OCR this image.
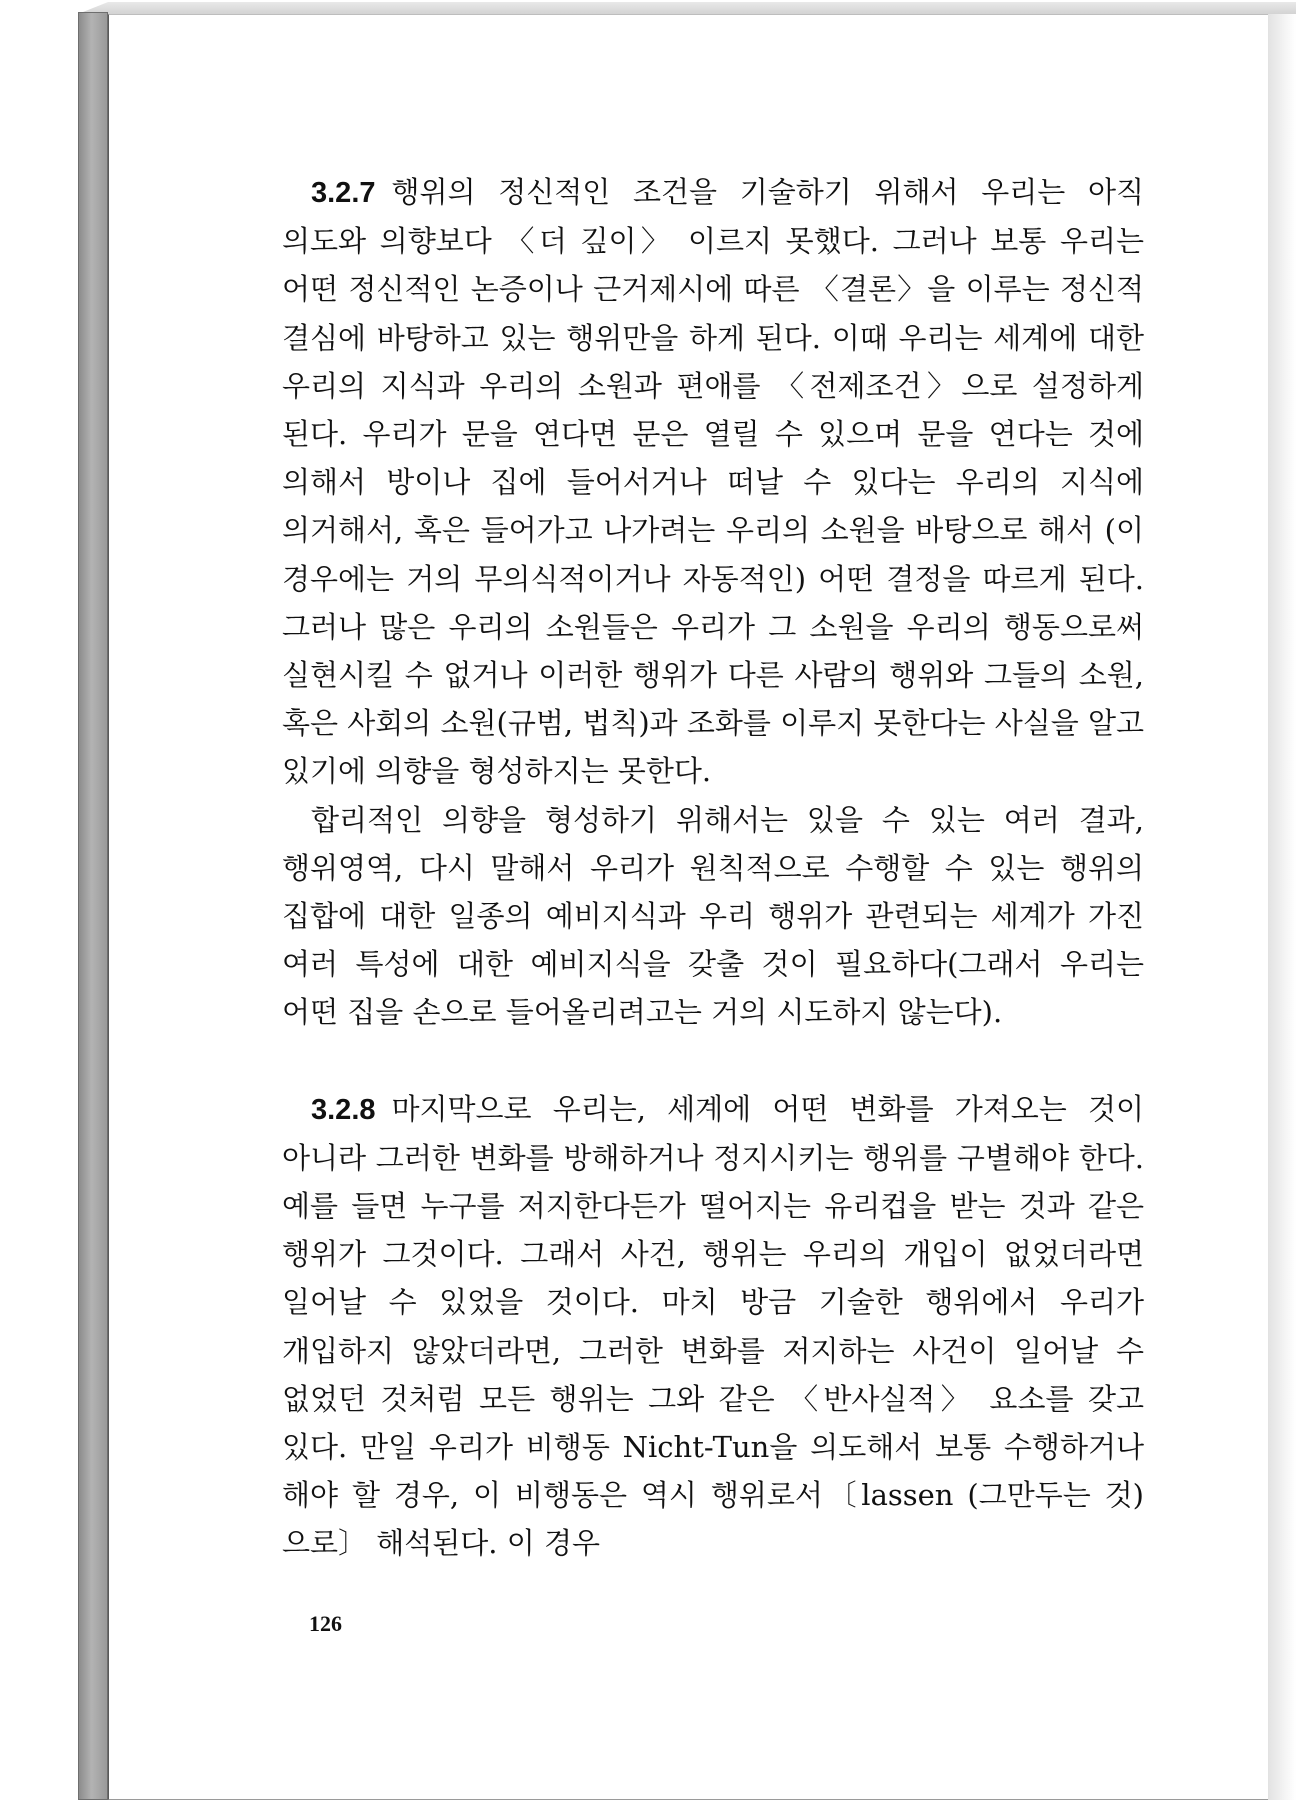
3.2.7 행위의 정신적인 조건을 기술하기 위해서 우리는 아직 의도와 의향보다 〈더 깊이〉 이르지 못했다. 그러나 보통 우리는 어떤 정신적인 논증이나 근거제시에 따른 〈결론〉을 이루는 정신적 결심에 바탕하고 있는 행위만을 하게 된다. 이때 우리는 세계에 대한 우리의 지식과 우리의 소원과 편애를 〈전제조건〉으로 설정하게 된다. 우리가 문을 연다면 문은 열릴 수 있으며 문을 연다는 것에 의해서 방이나 집에 들어서거나 떠날 수 있다는 우리의 지식에 의거해서, 혹은 들어가고 나가려는 우리의 소원을 바탕으로 해서 (이 경우에는 거의 무의식적이거나 자동적인) 어떤 결정을 따르게 된다. 그러나 많은 우리의 소원들은 우리가 그 소원을 우리의 행동으로써 실현시킬 수 없거나 이러한 행위가 다른 사람의 행위와 그들의 소원, 혹은 사회의 소원(규범, 법칙)과 조화를 이루지 못한다는 사실을 알고 있기에 의향을 형성하지는 못한다.

합리적인 의향을 형성하기 위해서는 있을 수 있는 여러 결과, 행위영역, 다시 말해서 우리가 원칙적으로 수행할 수 있는 행위의 집합에 대한 일종의 예비지식과 우리 행위가 관련되는 세계가 가진 여러 특성에 대한 예비지식을 갖출 것이 필요하다(그래서 우리는 어떤 집을 손으로 들어올리려고는 거의 시도하지 않는다).

3.2.8 마지막으로 우리는, 세계에 어떤 변화를 가져오는 것이 아니라 그러한 변화를 방해하거나 정지시키는 행위를 구별해야 한다. 예를 들면 누구를 저지한다든가 떨어지는 유리컵을 받는 것과 같은 행위가 그것이다. 그래서 사건, 행위는 우리의 개입이 없었더라면 일어날 수 있었을 것이다. 마치 방금 기술한 행위에서 우리가 개입하지 않았더라면, 그러한 변화를 저지하는 사건이 일어날 수 없었던 것처럼 모든 행위는 그와 같은 〈반사실적〉 요소를 갖고 있다. 만일 우리가 비행동 Nicht-Tun을 의도해서 보통 수행하거나 해야 할 경우, 이 비행동은 역시 행위로서〔lassen (그만두는 것)으로〕 해석된다. 이 경우

126
